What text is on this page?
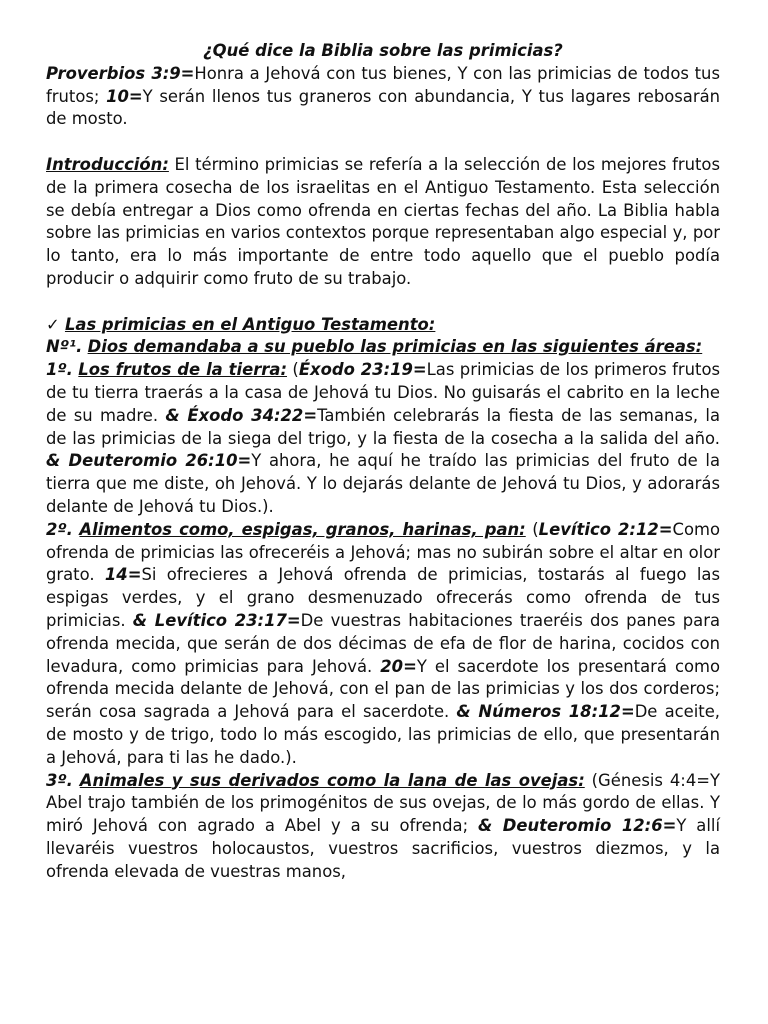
¿Qué dice la Biblia sobre las primicias?

Proverbios 3:9=Honra a Jehová con tus bienes, Y con las primicias de todos tus frutos; 10=Y serán llenos tus graneros con abundancia, Y tus lagares rebosarán de mosto.

Introducción: El término primicias se refería a la selección de los mejores frutos de la primera cosecha de los israelitas en el Antiguo Testamento. Esta selección se debía entregar a Dios como ofrenda en ciertas fechas del año. La Biblia habla sobre las primicias en varios contextos porque representaban algo especial y, por lo tanto, era lo más importante de entre todo aquello que el pueblo podía producir o adquirir como fruto de su trabajo.

✓ Las primicias en el Antiguo Testamento:

Nº¹. Dios demandaba a su pueblo las primicias en las siguientes áreas:

1º. Los frutos de la tierra: (Éxodo 23:19=Las primicias de los primeros frutos de tu tierra traerás a la casa de Jehová tu Dios. No guisarás el cabrito en la leche de su madre. & Éxodo 34:22=También celebrarás la fiesta de las semanas, la de las primicias de la siega del trigo, y la fiesta de la cosecha a la salida del año. & Deuteromio 26:10=Y ahora, he aquí he traído las primicias del fruto de la tierra que me diste, oh Jehová. Y lo dejarás delante de Jehová tu Dios, y adorarás delante de Jehová tu Dios.).

2º. Alimentos como, espigas, granos, harinas, pan: (Levítico 2:12=Como ofrenda de primicias las ofreceréis a Jehová; mas no subirán sobre el altar en olor grato. 14=Si ofrecieres a Jehová ofrenda de primicias, tostarás al fuego las espigas verdes, y el grano desmenuzado ofrecerás como ofrenda de tus primicias. & Levítico 23:17=De vuestras habitaciones traeréis dos panes para ofrenda mecida, que serán de dos décimas de efa de flor de harina, cocidos con levadura, como primicias para Jehová. 20=Y el sacerdote los presentará como ofrenda mecida delante de Jehová, con el pan de las primicias y los dos corderos; serán cosa sagrada a Jehová para el sacerdote. & Números 18:12=De aceite, de mosto y de trigo, todo lo más escogido, las primicias de ello, que presentarán a Jehová, para ti las he dado.).

3º. Animales y sus derivados como la lana de las ovejas: (Génesis 4:4=Y Abel trajo también de los primogénitos de sus ovejas, de lo más gordo de ellas. Y miró Jehová con agrado a Abel y a su ofrenda; & Deuteromio 12:6=Y allí llevaréis vuestros holocaustos, vuestros sacrificios, vuestros diezmos, y la ofrenda elevada de vuestras manos,
